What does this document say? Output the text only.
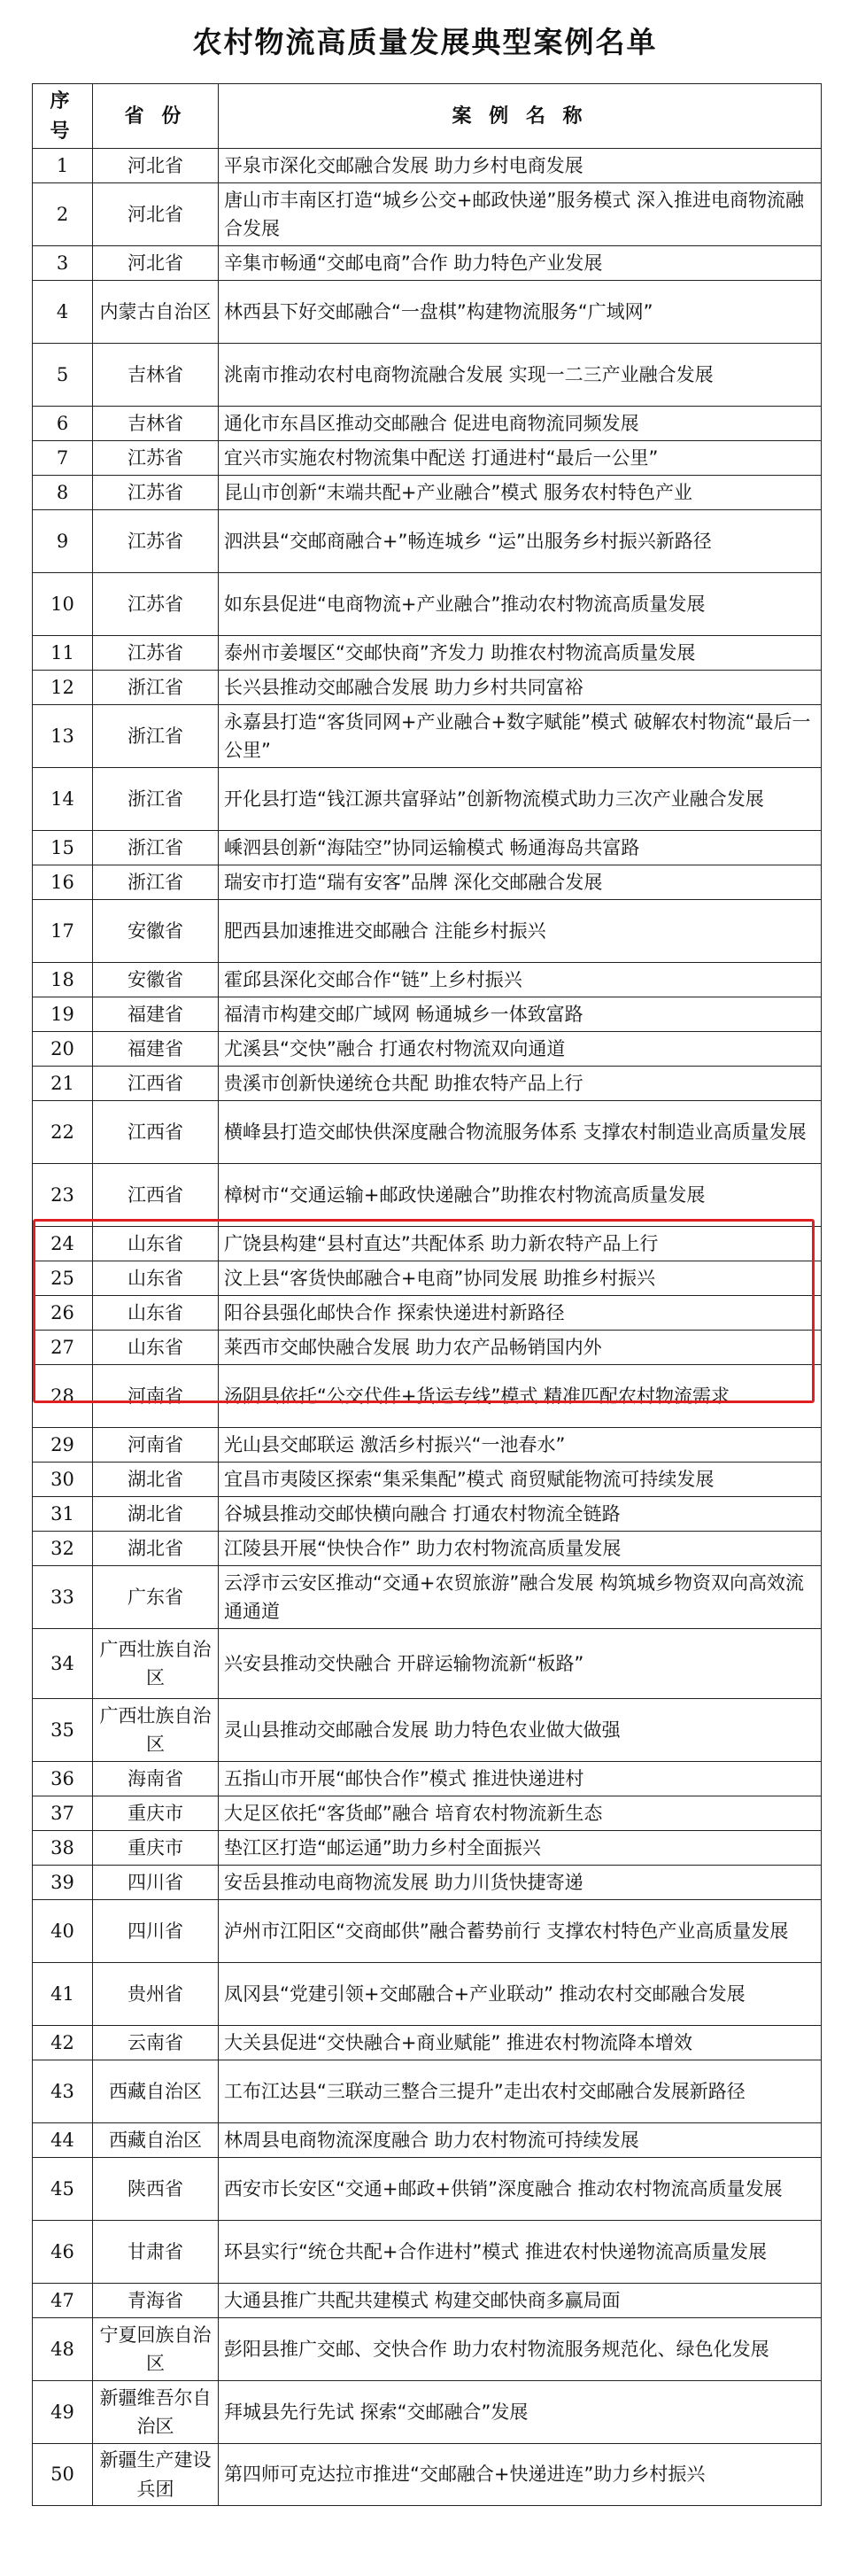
农村物流高质量发展典型案例名单
序号	省 份	案 例 名 称
1	河北省	平泉市深化交邮融合发展 助力乡村电商发展
2	河北省	唐山市丰南区打造“城乡公交+邮政快递”服务模式 深入推进电商物流融合发展
3	河北省	辛集市畅通“交邮电商”合作 助力特色产业发展
4	内蒙古自治区	林西县下好交邮融合“一盘棋”构建物流服务“广域网”
5	吉林省	洮南市推动农村电商物流融合发展 实现一二三产业融合发展
6	吉林省	通化市东昌区推动交邮融合 促进电商物流同频发展
7	江苏省	宜兴市实施农村物流集中配送 打通进村“最后一公里”
8	江苏省	昆山市创新“末端共配+产业融合”模式 服务农村特色产业
9	江苏省	泗洪县“交邮商融合+”畅连城乡 “运”出服务乡村振兴新路径
10	江苏省	如东县促进“电商物流+产业融合”推动农村物流高质量发展
11	江苏省	泰州市姜堰区“交邮快商”齐发力 助推农村物流高质量发展
12	浙江省	长兴县推动交邮融合发展 助力乡村共同富裕
13	浙江省	永嘉县打造“客货同网+产业融合+数字赋能”模式 破解农村物流“最后一公里”
14	浙江省	开化县打造“钱江源共富驿站”创新物流模式助力三次产业融合发展
15	浙江省	嵊泗县创新“海陆空”协同运输模式 畅通海岛共富路
16	浙江省	瑞安市打造“瑞有安客”品牌 深化交邮融合发展
17	安徽省	肥西县加速推进交邮融合 注能乡村振兴
18	安徽省	霍邱县深化交邮合作“链”上乡村振兴
19	福建省	福清市构建交邮广域网 畅通城乡一体致富路
20	福建省	尤溪县“交快”融合 打通农村物流双向通道
21	江西省	贵溪市创新快递统仓共配 助推农特产品上行
22	江西省	横峰县打造交邮快供深度融合物流服务体系 支撑农村制造业高质量发展
23	江西省	樟树市“交通运输+邮政快递融合”助推农村物流高质量发展
24	山东省	广饶县构建“县村直达”共配体系 助力新农特产品上行
25	山东省	汶上县“客货快邮融合+电商”协同发展 助推乡村振兴
26	山东省	阳谷县强化邮快合作 探索快递进村新路径
27	山东省	莱西市交邮快融合发展 助力农产品畅销国内外
28	河南省	汤阴县依托“公交代件+货运专线”模式 精准匹配农村物流需求
29	河南省	光山县交邮联运 激活乡村振兴“一池春水”
30	湖北省	宜昌市夷陵区探索“集采集配”模式 商贸赋能物流可持续发展
31	湖北省	谷城县推动交邮快横向融合 打通农村物流全链路
32	湖北省	江陵县开展“快快合作” 助力农村物流高质量发展
33	广东省	云浮市云安区推动“交通+农贸旅游”融合发展 构筑城乡物资双向高效流通通道
34	广西壮族自治区	兴安县推动交快融合 开辟运输物流新“板路”
35	广西壮族自治区	灵山县推动交邮融合发展 助力特色农业做大做强
36	海南省	五指山市开展“邮快合作”模式 推进快递进村
37	重庆市	大足区依托“客货邮”融合 培育农村物流新生态
38	重庆市	垫江区打造“邮运通”助力乡村全面振兴
39	四川省	安岳县推动电商物流发展 助力川货快捷寄递
40	四川省	泸州市江阳区“交商邮供”融合蓄势前行 支撑农村特色产业高质量发展
41	贵州省	凤冈县“党建引领+交邮融合+产业联动” 推动农村交邮融合发展
42	云南省	大关县促进“交快融合+商业赋能” 推进农村物流降本增效
43	西藏自治区	工布江达县“三联动三整合三提升”走出农村交邮融合发展新路径
44	西藏自治区	林周县电商物流深度融合 助力农村物流可持续发展
45	陕西省	西安市长安区“交通+邮政+供销”深度融合 推动农村物流高质量发展
46	甘肃省	环县实行“统仓共配+合作进村”模式 推进农村快递物流高质量发展
47	青海省	大通县推广共配共建模式 构建交邮快商多赢局面
48	宁夏回族自治区	彭阳县推广交邮、交快合作 助力农村物流服务规范化、绿色化发展
49	新疆维吾尔自治区	拜城县先行先试 探索“交邮融合”发展
50	新疆生产建设兵团	第四师可克达拉市推进“交邮融合+快递进连”助力乡村振兴
